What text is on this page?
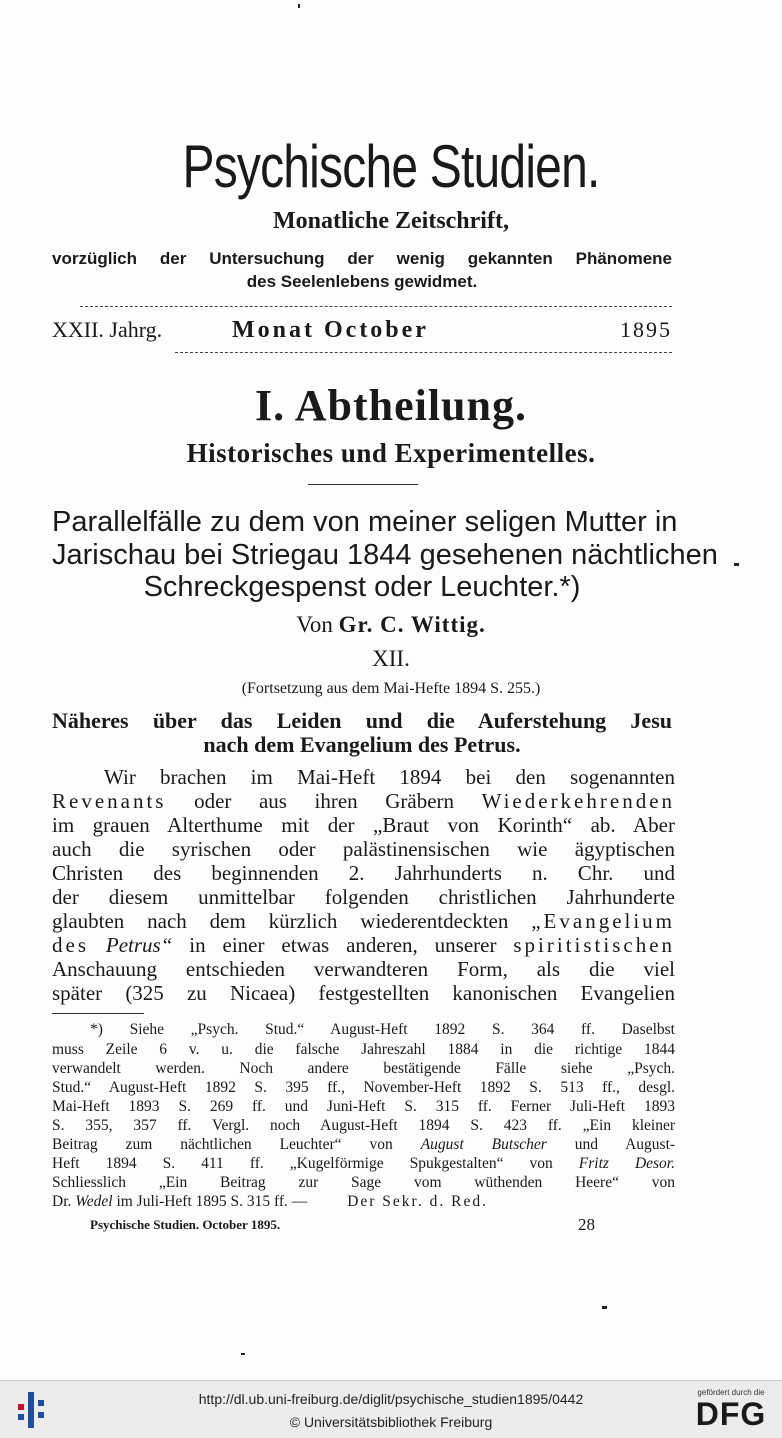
Psychische Studien.
Monatliche Zeitschrift,
vorzüglich der Untersuchung der wenig gekannten Phänomene
des Seelenlebens gewidmet.
XXII. Jahrg.	Monat October	1895
I. Abtheilung.
Historisches und Experimentelles.
Parallelfälle zu dem von meiner seligen Mutter in
Jarischau bei Striegau 1844 gesehenen nächtlichen
Schreckgespenst oder Leuchter.*)
Von Gr. C. Wittig.
XII.
(Fortsetzung aus dem Mai-Hefte 1894 S. 255.)
Näheres über das Leiden und die Auferstehung Jesu
nach dem Evangelium des Petrus.
Wir brachen im Mai-Heft 1894 bei den sogenannten
Revenants oder aus ihren Gräbern Wiederkehrenden
im grauen Alterthume mit der „Braut von Korinth“ ab. Aber
auch die syrischen oder palästinensischen wie ägyptischen
Christen des beginnenden 2. Jahrhunderts n. Chr. und
der diesem unmittelbar folgenden christlichen Jahrhunderte
glaubten nach dem kürzlich wiederentdeckten „Evangelium
des Petrus“ in einer etwas anderen, unserer spiritistischen
Anschauung entschieden verwandteren Form, als die viel
später (325 zu Nicaea) festgestellten kanonischen Evangelien
*) Siehe „Psych. Stud.“ August-Heft 1892 S. 364 ff. Daselbst
muss Zeile 6 v. u. die falsche Jahreszahl 1884 in die richtige 1844
verwandelt werden. Noch andere bestätigende Fälle siehe „Psych.
Stud.“ August-Heft 1892 S. 395 ff., November-Heft 1892 S. 513 ff., desgl.
Mai-Heft 1893 S. 269 ff. und Juni-Heft S. 315 ff. Ferner Juli-Heft 1893
S. 355, 357 ff. Vergl. noch August-Heft 1894 S. 423 ff. „Ein kleiner
Beitrag zum nächtlichen Leuchter“ von August Butscher und August-
Heft 1894 S. 411 ff. „Kugelförmige Spukgestalten“ von Fritz Desor.
Schliesslich „Ein Beitrag zur Sage vom wüthenden Heere“ von
Dr. Wedel im Juli-Heft 1895 S. 315 ff. —	Der Sekr. d. Red.
Psychische Studien. October 1895.	28
http://dl.ub.uni-freiburg.de/diglit/psychische_studien1895/0442
© Universitätsbibliothek Freiburg
gefördert durch die
DFG
